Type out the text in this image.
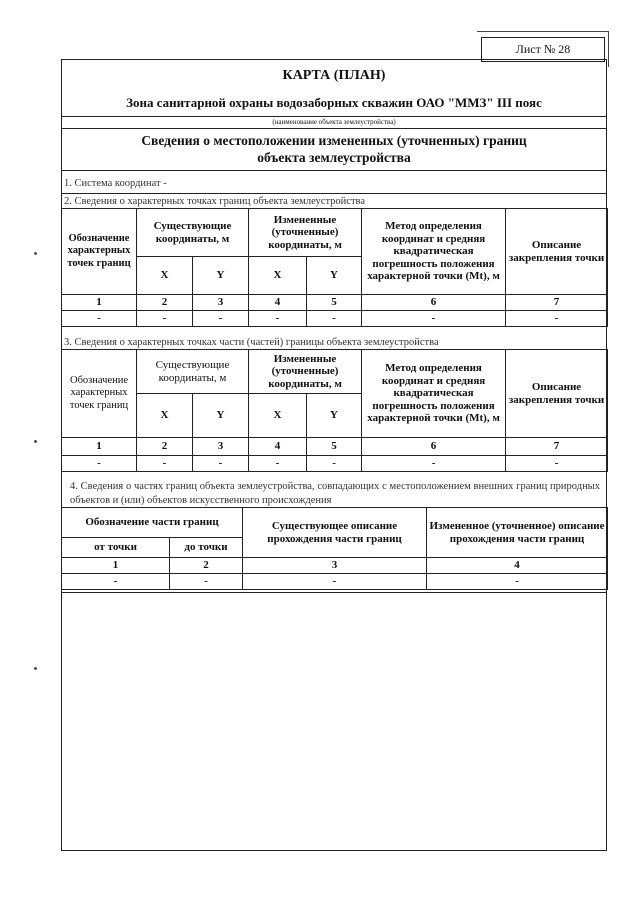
Лист № 28
КАРТА (ПЛАН)
Зона санитарной охраны водозаборных скважин ОАО "ММЗ" III пояс
(наименование объекта землеустройства)
Сведения о местоположении измененных (уточненных) границ объекта землеустройства
1. Система координат -
2. Сведения о характерных точках границ объекта землеустройства
Обозначение характерных точек границ	Существующие координаты, м		Измененные (уточненные) координаты, м		Метод определения координат и средняя квадратическая погрешность положения характерной точки (Mt), м	Описание закрепления точки
	X	Y	X	Y		
1	2	3	4	5	6	7
-	-	-	-	-	-	-
3. Сведения о характерных точках части (частей) границы объекта землеустройства
Обозначение характерных точек границ	Существующие координаты, м		Измененные (уточненные) координаты, м		Метод определения координат и средняя квадратическая погрешность положения характерной точки (Mt), м	Описание закрепления точки
	X	Y	X	Y		
1	2	3	4	5	6	7
-	-	-	-	-	-	-
4. Сведения о частях границ объекта землеустройства, совпадающих с местоположением внешних границ природных объектов и (или) объектов искусственного происхождения
Обозначение части границ		Существующее описание прохождения части границ	Измененное (уточненное) описание прохождения части границ
от точки	до точки		
1	2	3	4
-	-	-	-
